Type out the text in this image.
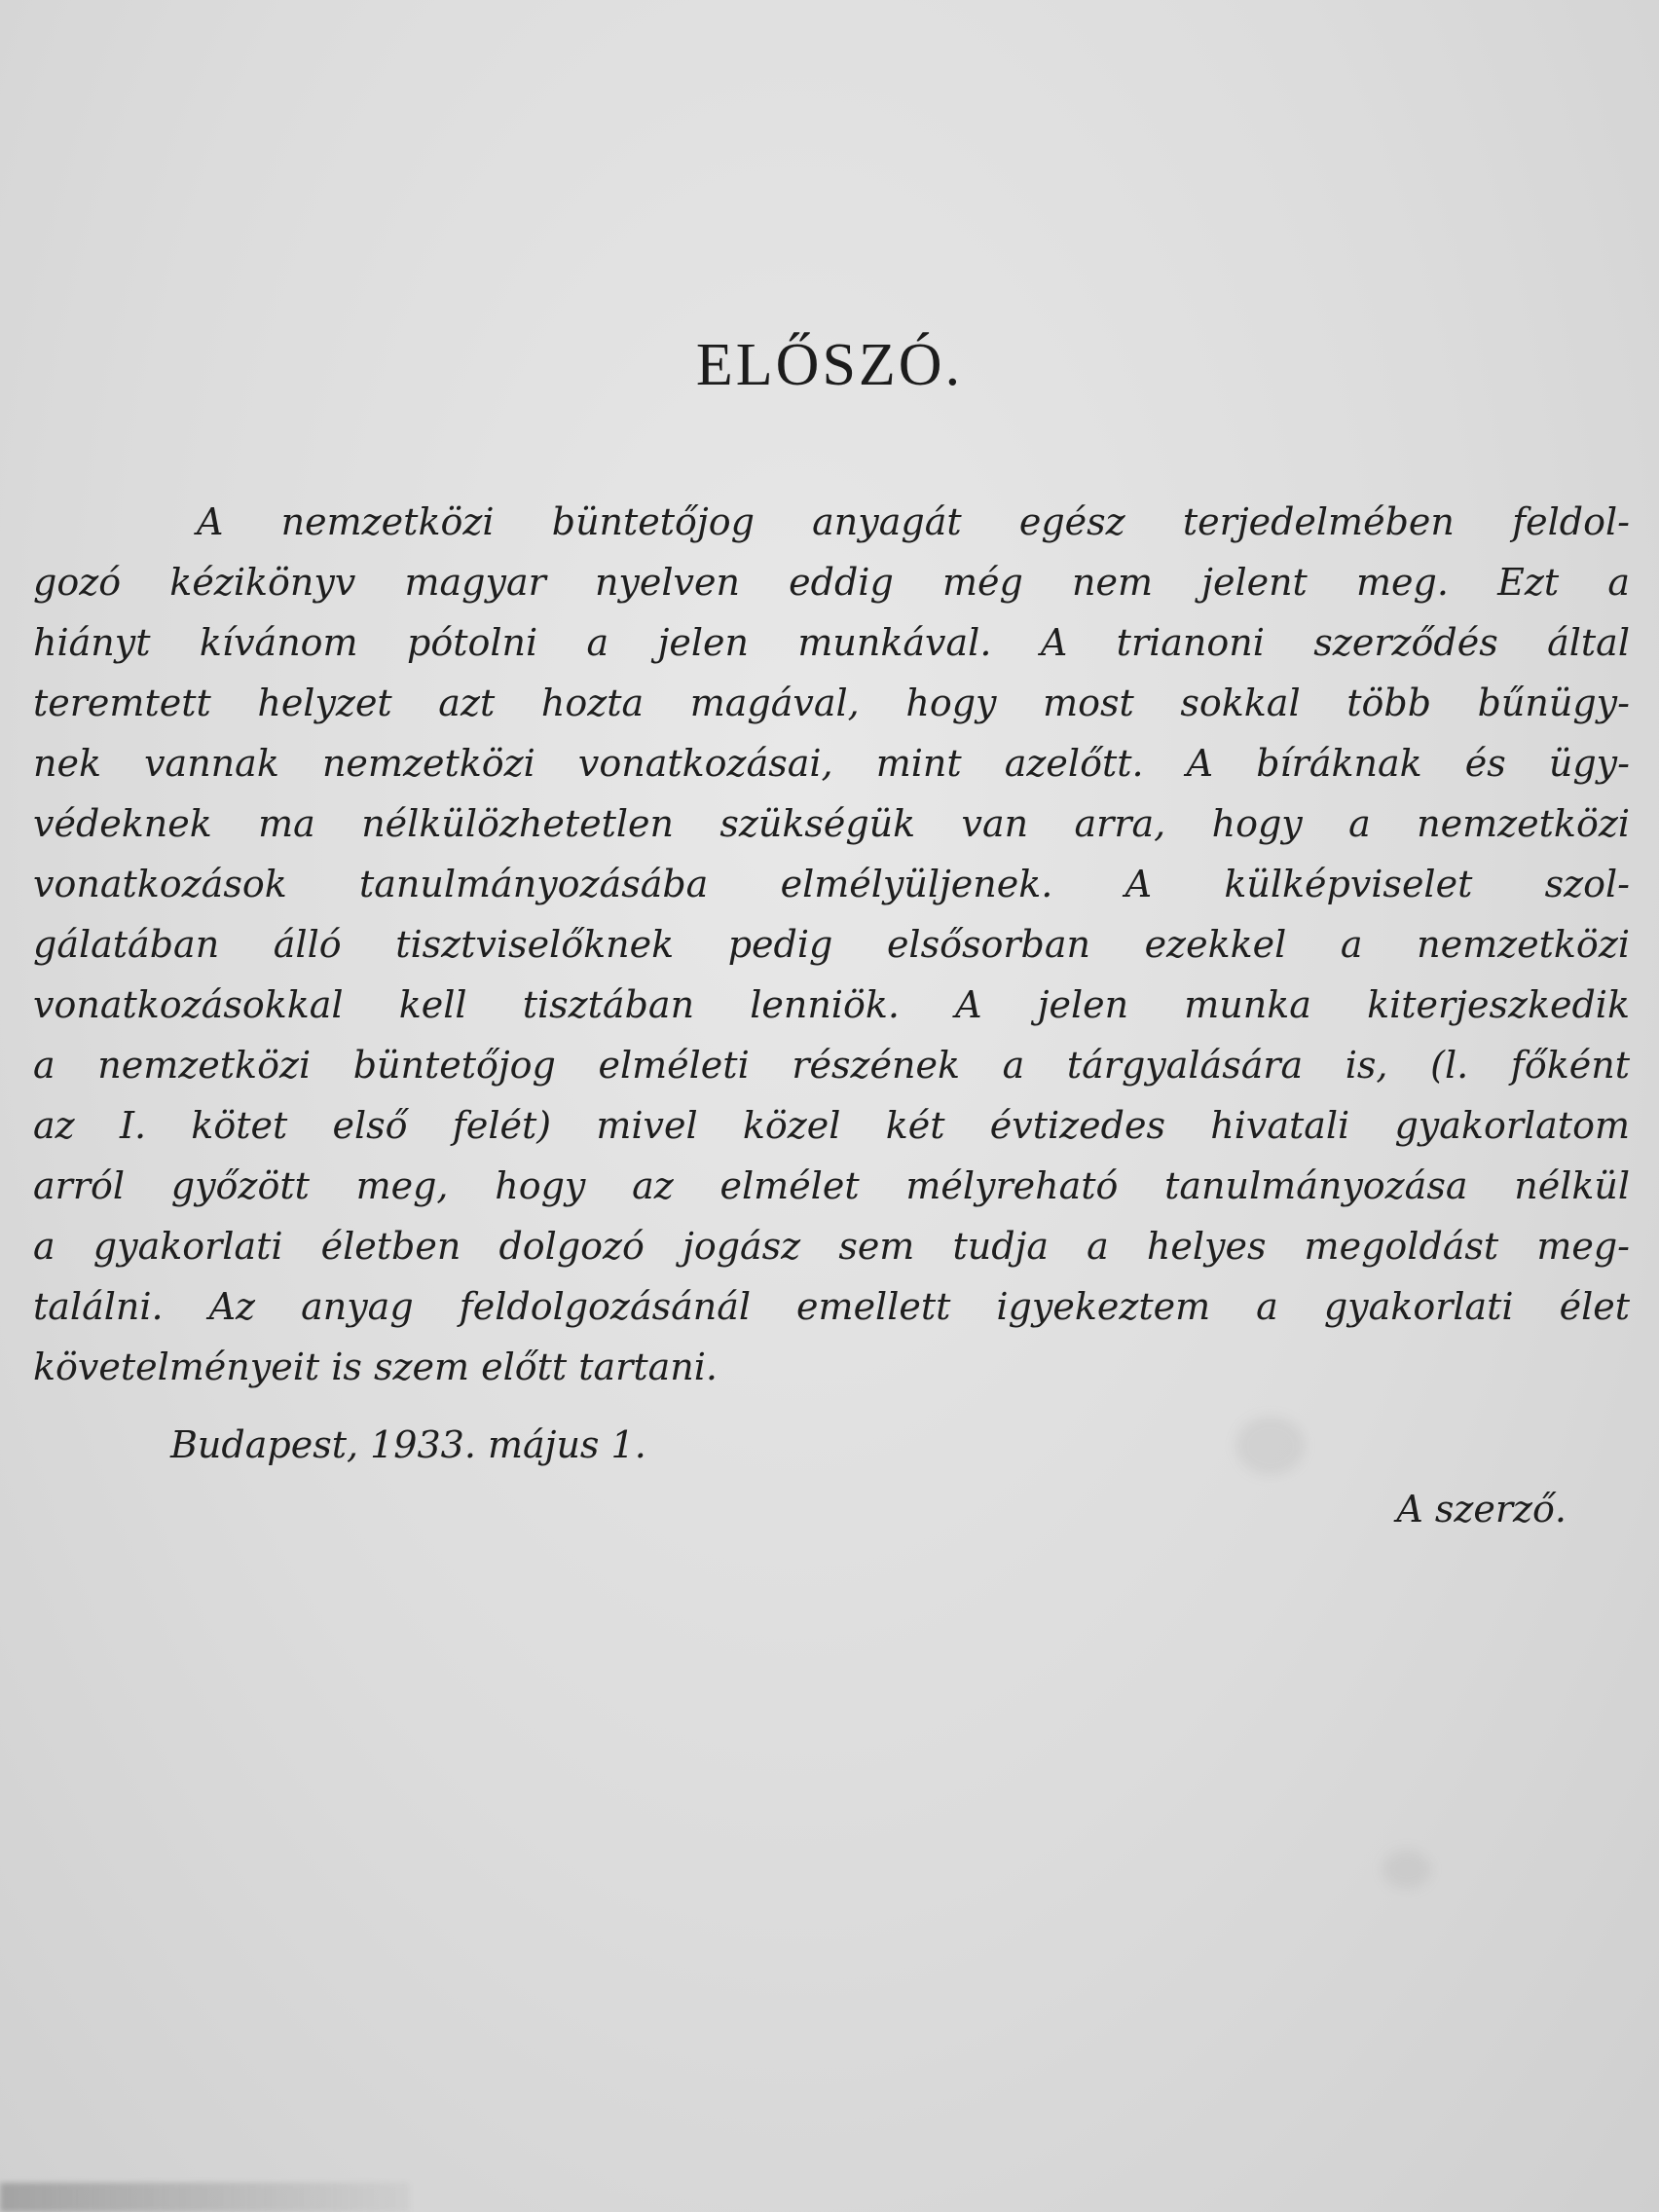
ELŐSZÓ.
A nemzetközi büntetőjog anyagát egész terjedelmében feldol-
gozó kézikönyv magyar nyelven eddig még nem jelent meg. Ezt a
hiányt kívánom pótolni a jelen munkával. A trianoni szerződés által
teremtett helyzet azt hozta magával, hogy most sokkal több bűnügy-
nek vannak nemzetközi vonatkozásai, mint azelőtt. A bíráknak és ügy-
védeknek ma nélkülözhetetlen szükségük van arra, hogy a nemzetközi
vonatkozások tanulmányozásába elmélyüljenek. A külképviselet szol-
gálatában álló tisztviselőknek pedig elsősorban ezekkel a nemzetközi
vonatkozásokkal kell tisztában lenniök. A jelen munka kiterjeszkedik
a nemzetközi büntetőjog elméleti részének a tárgyalására is, (l. főként
az I. kötet első felét) mivel közel két évtizedes hivatali gyakorlatom
arról győzött meg, hogy az elmélet mélyreható tanulmányozása nélkül
a gyakorlati életben dolgozó jogász sem tudja a helyes megoldást meg-
találni. Az anyag feldolgozásánál emellett igyekeztem a gyakorlati élet
követelményeit is szem előtt tartani.
Budapest, 1933. május 1.
A szerző.
